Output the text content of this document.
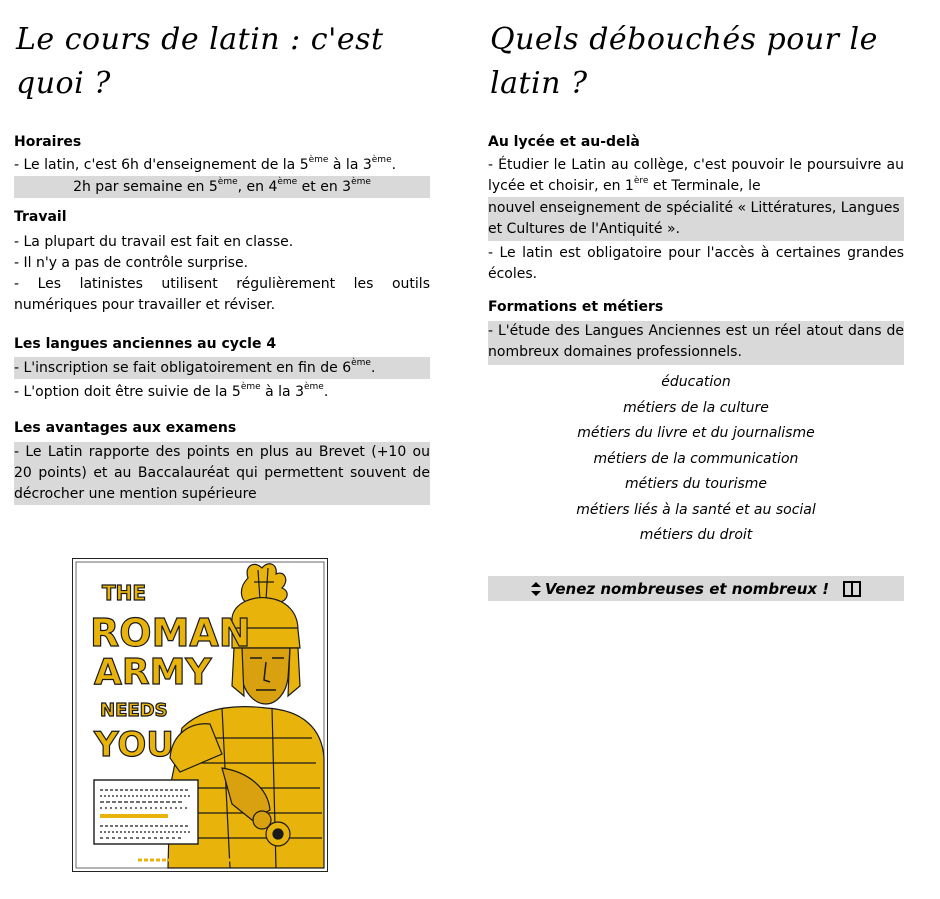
Le cours de latin : c'est quoi ?

Horaires

- Le latin, c'est 6h d'enseignement de la 5ème à la 3ème.

2h par semaine en 5ème, en 4ème et en 3ème

Travail

- La plupart du travail est fait en classe.

- Il n'y a pas de contrôle surprise.

- Les latinistes utilisent régulièrement les outils numériques pour travailler et réviser.

Les langues anciennes au cycle 4

- L'inscription se fait obligatoirement en fin de 6ème.

- L'option doit être suivie de la 5ème à la 3ème.

Les avantages aux examens

- Le Latin rapporte des points en plus au Brevet (+10 ou 20 points) et au Baccalauréat qui permettent souvent de décrocher une mention supérieure

THE
ROMAN
ARMY
NEEDS
YOU
Quels débouchés pour le latin ?

Au lycée et au-delà

- Étudier le Latin au collège, c'est pouvoir le poursuivre au lycée et choisir, en 1ère et Terminale, le

nouvel enseignement de spécialité « Littératures, Langues et Cultures de l'Antiquité ».

- Le latin est obligatoire pour l'accès à certaines grandes écoles.

Formations et métiers

- L'étude des Langues Anciennes est un réel atout dans de nombreux domaines professionnels.

éducation
métiers de la culture
métiers du livre et du journalisme
métiers de la communication
métiers du tourisme
métiers liés à la santé et au social
métiers du droit
Venez nombreuses et nombreux !
